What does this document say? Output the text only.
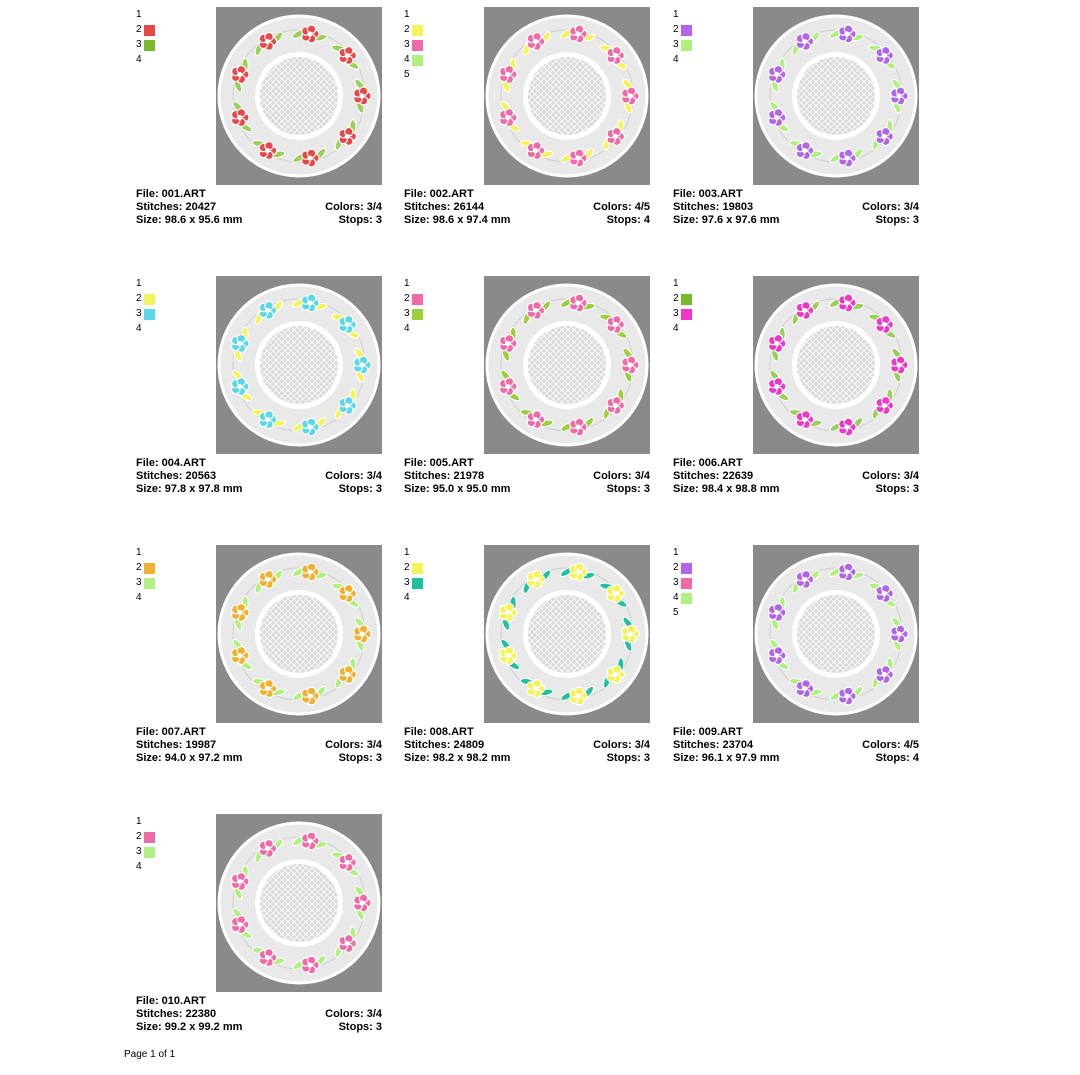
1
2
3
4
File: 001.ART
Stitches: 20427	Colors: 3/4
Size: 98.6 x 95.6 mm	Stops: 3
1
2
3
4
5
File: 002.ART
Stitches: 26144	Colors: 4/5
Size: 98.6 x 97.4 mm	Stops: 4
1
2
3
4
File: 003.ART
Stitches: 19803	Colors: 3/4
Size: 97.6 x 97.6 mm	Stops: 3
1
2
3
4
File: 004.ART
Stitches: 20563	Colors: 3/4
Size: 97.8 x 97.8 mm	Stops: 3
1
2
3
4
File: 005.ART
Stitches: 21978	Colors: 3/4
Size: 95.0 x 95.0 mm	Stops: 3
1
2
3
4
File: 006.ART
Stitches: 22639	Colors: 3/4
Size: 98.4 x 98.8 mm	Stops: 3
1
2
3
4
File: 007.ART
Stitches: 19987	Colors: 3/4
Size: 94.0 x 97.2 mm	Stops: 3
1
2
3
4
File: 008.ART
Stitches: 24809	Colors: 3/4
Size: 98.2 x 98.2 mm	Stops: 3
1
2
3
4
5
File: 009.ART
Stitches: 23704	Colors: 4/5
Size: 96.1 x 97.9 mm	Stops: 4
1
2
3
4
File: 010.ART
Stitches: 22380	Colors: 3/4
Size: 99.2 x 99.2 mm	Stops: 3
Page 1 of 1
